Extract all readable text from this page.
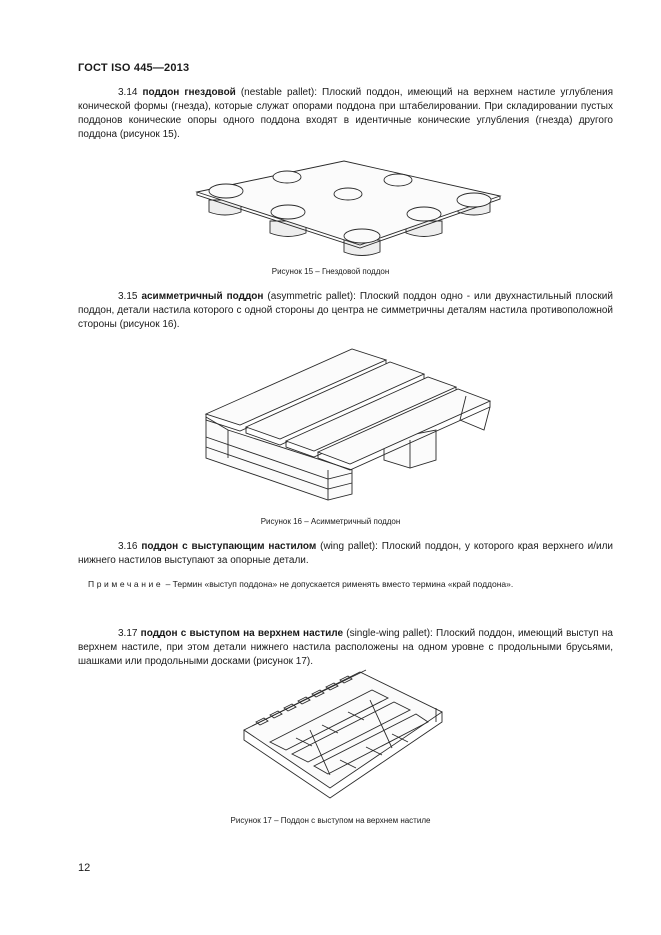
ГОСТ ISO 445—2013
3.14 поддон гнездовой (nestable pallet): Плоский поддон, имеющий на верхнем настиле углубления конической формы (гнезда), которые служат опорами поддона при штабелировании. При складировании пустых поддонов конические опоры одного поддона входят в идентичные конические углубления (гнезда) другого поддона (рисунок 15).
Рисунок 15 – Гнездовой поддон
3.15 асимметричный поддон (asymmetric pallet): Плоский поддон одно - или двухнастильный плоский поддон, детали настила которого с одной стороны до центра не симметричны деталям настила противоположной стороны (рисунок 16).
Рисунок 16 – Асимметричный поддон
3.16 поддон с выступающим настилом (wing pallet): Плоский поддон, у которого края верхнего и/или нижнего настилов выступают за опорные детали.
Примечание – Термин «выступ поддона» не допускается рименять вместо термина «край поддона».
3.17 поддон с выступом на верхнем настиле (single-wing pallet): Плоский поддон, имеющий выступ на верхнем настиле, при этом детали нижнего настила расположены на одном уровне с продольными брусьями, шашками или продольными досками (рисунок 17).
Рисунок 17 – Поддон с выступом на верхнем настиле
12
